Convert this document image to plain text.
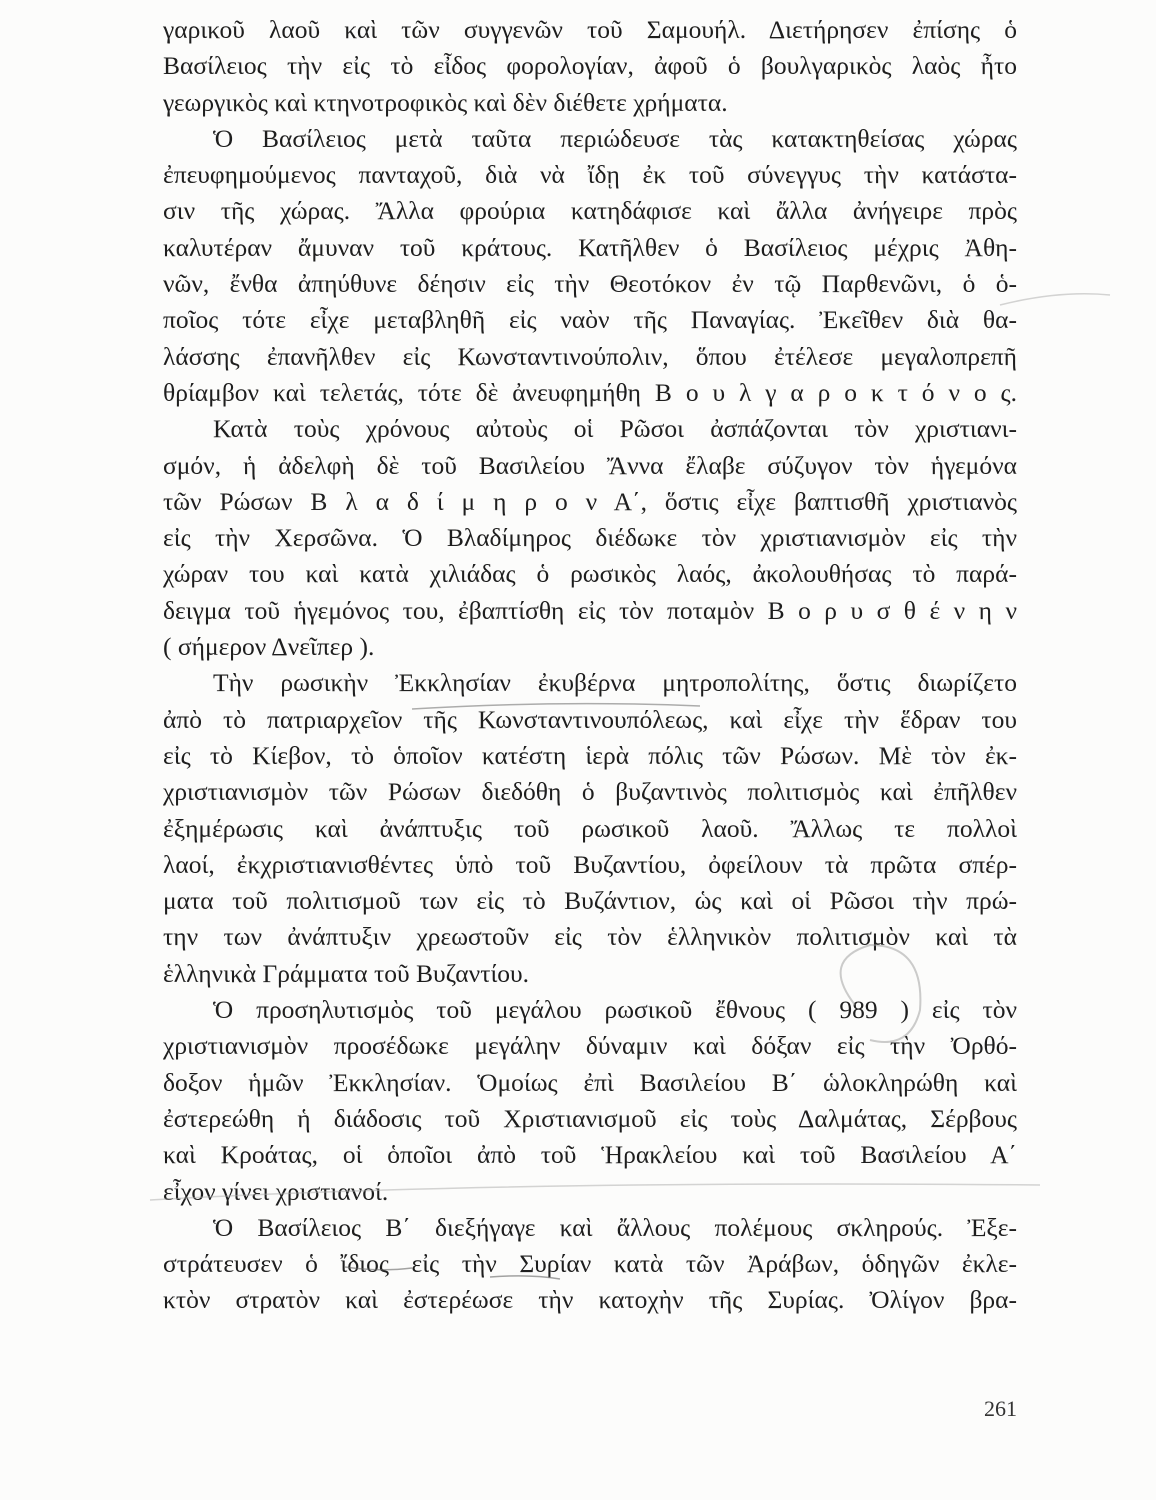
γαρικοῦ λαοῦ καὶ τῶν συγγενῶν τοῦ Σαμουήλ. Διετήρησεν ἐπίσης ὁ
Βασίλειος τὴν εἰς τὸ εἶδος φορολογίαν, ἀφοῦ ὁ βουλγαρικὸς λαὸς ἦτο
γεωργικὸς καὶ κτηνοτροφικὸς καὶ δὲν διέθετε χρήματα.
Ὁ Βασίλειος μετὰ ταῦτα περιώδευσε τὰς κατακτηθείσας χώρας
ἐπευφημούμενος πανταχοῦ, διὰ νὰ ἴδῃ ἐκ τοῦ σύνεγγυς τὴν κατάστα-
σιν τῆς χώρας. Ἄλλα φρούρια κατηδάφισε καὶ ἄλλα ἀνήγειρε πρὸς
καλυτέραν ἄμυναν τοῦ κράτους. Κατῆλθεν ὁ Βασίλειος μέχρις Ἀθη-
νῶν, ἔνθα ἀπηύθυνε δέησιν εἰς τὴν Θεοτόκον ἐν τῷ Παρθενῶνι, ὁ ὁ-
ποῖος τότε εἶχε μεταβληθῆ εἰς ναὸν τῆς Παναγίας. Ἐκεῖθεν διὰ θα-
λάσσης ἐπανῆλθεν εἰς Κωνσταντινούπολιν, ὅπου ἐτέλεσε μεγαλοπρεπῆ
θρίαμβον καὶ τελετάς, τότε δὲ ἀνευφημήθη Β ο υ λ γ α ρ ο κ τ ό ν ο ς.
Κατὰ τοὺς χρόνους αὐτοὺς οἱ Ρῶσοι ἀσπάζονται τὸν χριστιανι-
σμόν, ἡ ἀδελφὴ δὲ τοῦ Βασιλείου Ἄννα ἔλαβε σύζυγον τὸν ἡγεμόνα
τῶν Ρώσων Β λ α δ ί μ η ρ ο ν Α΄, ὅστις εἶχε βαπτισθῆ χριστιανὸς
εἰς τὴν Χερσῶνα. Ὁ Βλαδίμηρος διέδωκε τὸν χριστιανισμὸν εἰς τὴν
χώραν του καὶ κατὰ χιλιάδας ὁ ρωσικὸς λαός, ἀκολουθήσας τὸ παρά-
δειγμα τοῦ ἡγεμόνος του, ἐβαπτίσθη εἰς τὸν ποταμὸν Β ο ρ υ σ θ έ ν η ν
( σήμερον Δνεῖπερ ).
Τὴν ρωσικὴν Ἐκκλησίαν ἐκυβέρνα μητροπολίτης, ὅστις διωρίζετο
ἀπὸ τὸ πατριαρχεῖον τῆς Κωνσταντινουπόλεως, καὶ εἶχε τὴν ἕδραν του
εἰς τὸ Κίεβον, τὸ ὁποῖον κατέστη ἱερὰ πόλις τῶν Ρώσων. Μὲ τὸν ἐκ-
χριστιανισμὸν τῶν Ρώσων διεδόθη ὁ βυζαντινὸς πολιτισμὸς καὶ ἐπῆλθεν
ἐξημέρωσις καὶ ἀνάπτυξις τοῦ ρωσικοῦ λαοῦ. Ἄλλως τε πολλοὶ
λαοί, ἐκχριστιανισθέντες ὑπὸ τοῦ Βυζαντίου, ὀφείλουν τὰ πρῶτα σπέρ-
ματα τοῦ πολιτισμοῦ των εἰς τὸ Βυζάντιον, ὡς καὶ οἱ Ρῶσοι τὴν πρώ-
την των ἀνάπτυξιν χρεωστοῦν εἰς τὸν ἑλληνικὸν πολιτισμὸν καὶ τὰ
ἑλληνικὰ Γράμματα τοῦ Βυζαντίου.
Ὁ προσηλυτισμὸς τοῦ μεγάλου ρωσικοῦ ἔθνους ( 989 ) εἰς τὸν
χριστιανισμὸν προσέδωκε μεγάλην δύναμιν καὶ δόξαν εἰς τὴν Ὀρθό-
δοξον ἡμῶν Ἐκκλησίαν. Ὁμοίως ἐπὶ Βασιλείου Β΄ ὡλοκληρώθη καὶ
ἐστερεώθη ἡ διάδοσις τοῦ Χριστιανισμοῦ εἰς τοὺς Δαλμάτας, Σέρβους
καὶ Κροάτας, οἱ ὁποῖοι ἀπὸ τοῦ Ἡρακλείου καὶ τοῦ Βασιλείου Α΄
εἶχον γίνει χριστιανοί.
Ὁ Βασίλειος Β΄ διεξήγαγε καὶ ἄλλους πολέμους σκληρούς. Ἐξε-
στράτευσεν ὁ ἴδιος εἰς τὴν Συρίαν κατὰ τῶν Ἀράβων, ὁδηγῶν ἐκλε-
κτὸν στρατὸν καὶ ἐστερέωσε τὴν κατοχὴν τῆς Συρίας. Ὀλίγον βρα-
261
